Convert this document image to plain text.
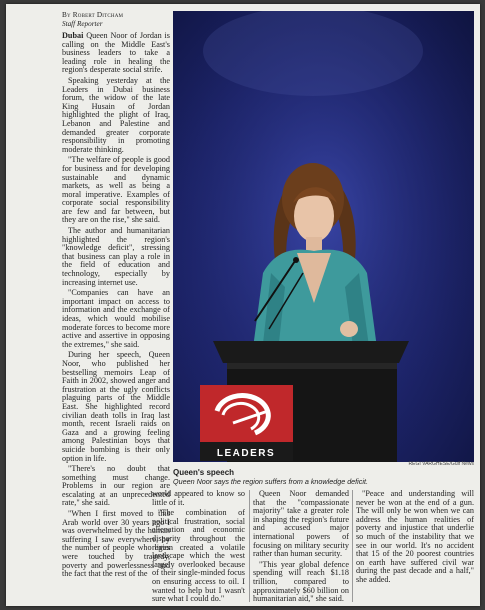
By Robert Ditcham
Staff Reporter

Dubai Queen Noor of Jordan is calling on the Middle East's business leaders to take a leading role in healing the region's desperate social strife.

Speaking yesterday at the Leaders in Dubai business forum, the widow of the late King Husain of Jordan highlighted the plight of Iraq, Lebanon and Palestine and demanded greater corporate responsibility in promoting moderate thinking.

"The welfare of people is good for business and for developing sustainable and dynamic markets, as well as being a moral imperative. Examples of corporate social responsibility are few and far between, but they are on the rise," she said.

The author and humanitarian highlighted the region's "knowledge deficit", stressing that business can play a role in the field of education and technology, especially by increasing internet use.

"Companies can have an important impact on access to information and the exchange of ideas, which would mobilise moderate forces to become more active and assertive in opposing the extremes," she said.

During her speech, Queen Noor, who published her bestselling memoirs Leap of Faith in 2002, showed anger and frustration at the ugly conflicts plaguing parts of the Middle East. She highlighted record civilian death tolls in Iraq last month, recent Israeli raids on Gaza and a growing feeling among Palestinian boys that suicide bombing is their only option in life.

"There's no doubt that something must change. Problems in our region are escalating at an unprecedented rate," she said.

"When I first moved to this Arab world over 30 years ago I was overwhelmed by the human suffering I saw everywhere, by the number of people who lives were touched by tragedy, poverty and powerlessness and the fact that the rest of the

LEADERS
REGI VARGHESE/Gulf News
Queen's speech
Queen Noor says the region suffers from a knowledge deficit.

world appeared to know so little of it.

"The combination of political frustration, social alienation and economic disparity throughout the region created a volatile landscape which the west largely overlooked because of their single-minded focus on ensuring access to oil. I wanted to help but I wasn't sure what I could do."

Queen Noor demanded that the "compassionate majority" take a greater role in shaping the region's future and accused major international powers of focusing on military security rather than human security.

"This year global defence spending will reach $1.18 trillion, compared to approximately $60 billion on humanitarian aid," she said.

"Peace and understanding will never be won at the end of a gun. The will only be won when we can address the human realities of poverty and injustice that underlie so much of the instability that we see in our world. It's no accident that 15 of the 20 poorest countries on earth have suffered civil war during the past decade and a half," she added.
